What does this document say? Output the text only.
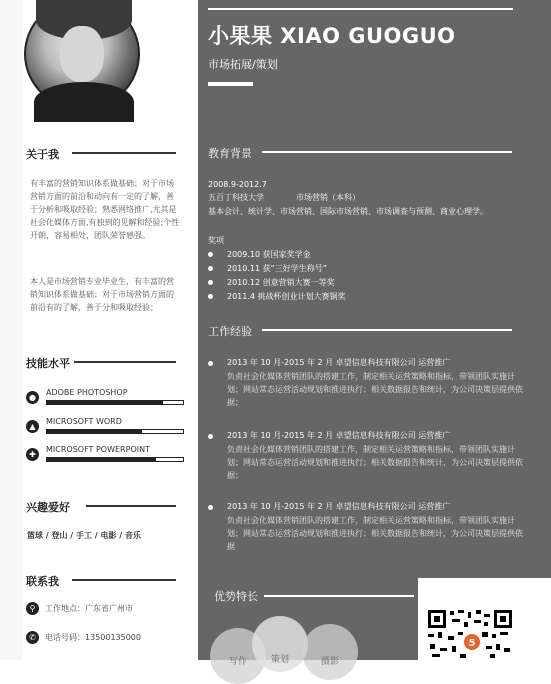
关于我
有丰富的营销知识体系做基础；对于市场营销方面的前沿和动向有一定的了解，善于分析和吸取经验；熟悉网络推广,尤其是社会化媒体方面,有独到的见解和经验;个性开朗，容易相处，团队荣誉感强。
本人是市场营销专业毕业生，有丰富的营销知识体系做基础；对于市场营销方面的前沿有的了解，善于分和吸取经验；
技能水平
●
ADOBE PHOTOSHOP
▲
MICROSOFT WORD
✚
MICROSOFT POWERPOINT
兴趣爱好
篮球 / 登山 / 手工 / 电影 / 音乐
联系我
⚲ 工作地点：广东省广州市
✆ 电话号码：13500135000
小果果 XIAO GUOGUO
市场拓展/策划
教育背景
2008.9-2012.7
五百丁科技大学	市场营销（本科）
基本会计、统计学、市场营销、国际市场营销、市场调查与预测、商业心理学。
奖项
2009.10 获国家奖学金
2010.11 获“三好学生称号”
2010.12 创意营销大赛一等奖
2011.4 挑战杯创业计划大赛铜奖
工作经验
2013 年 10 月-2015 年 2 月 卓望信息科技有限公司 运营推广
负责社会化媒体营销团队的搭建工作，制定相关运营策略和指标，带领团队实施计划；网站常态运营活动规划和推进执行；相关数据报告和统计，为公司决策层提供依据；
2013 年 10 月-2015 年 2 月 卓望信息科技有限公司 运营推广
负责社会化媒体营销团队的搭建工作，制定相关运营策略和指标，带领团队实施计划；网站常态运营活动规划和推进执行；相关数据报告和统计，为公司决策层提供依据；
2013 年 10 月-2015 年 2 月 卓望信息科技有限公司 运营推广
负责社会化媒体营销团队的搭建工作，制定相关运营策略和指标，带领团队实施计划；网站常态运营活动规划和推进执行；相关数据报告和统计，为公司决策层提供依据
优势特长
写作	策划	摄影
5
